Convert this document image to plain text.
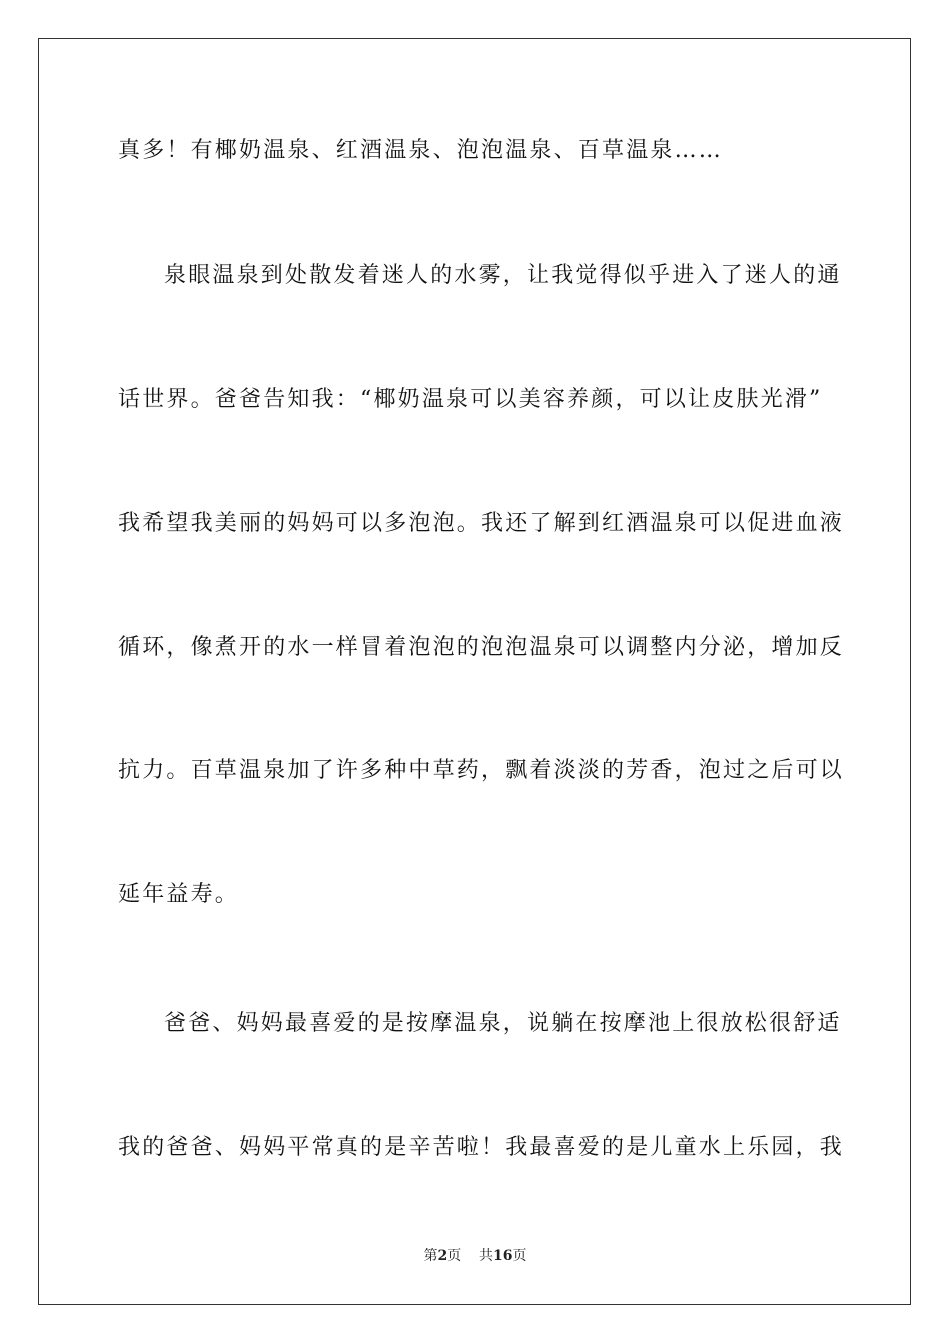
真多！有椰奶温泉、红酒温泉、泡泡温泉、百草温泉……
泉眼温泉到处散发着迷人的水雾，让我觉得似乎进入了迷人的通
话世界。爸爸告知我：“椰奶温泉可以美容养颜，可以让皮肤光滑”
我希望我美丽的妈妈可以多泡泡。我还了解到红酒温泉可以促进血液
循环，像煮开的水一样冒着泡泡的泡泡温泉可以调整内分泌，增加反
抗力。百草温泉加了许多种中草药，飘着淡淡的芳香，泡过之后可以
延年益寿。
爸爸、妈妈最喜爱的是按摩温泉，说躺在按摩池上很放松很舒适
我的爸爸、妈妈平常真的是辛苦啦！我最喜爱的是儿童水上乐园，我
第2页 共16页
